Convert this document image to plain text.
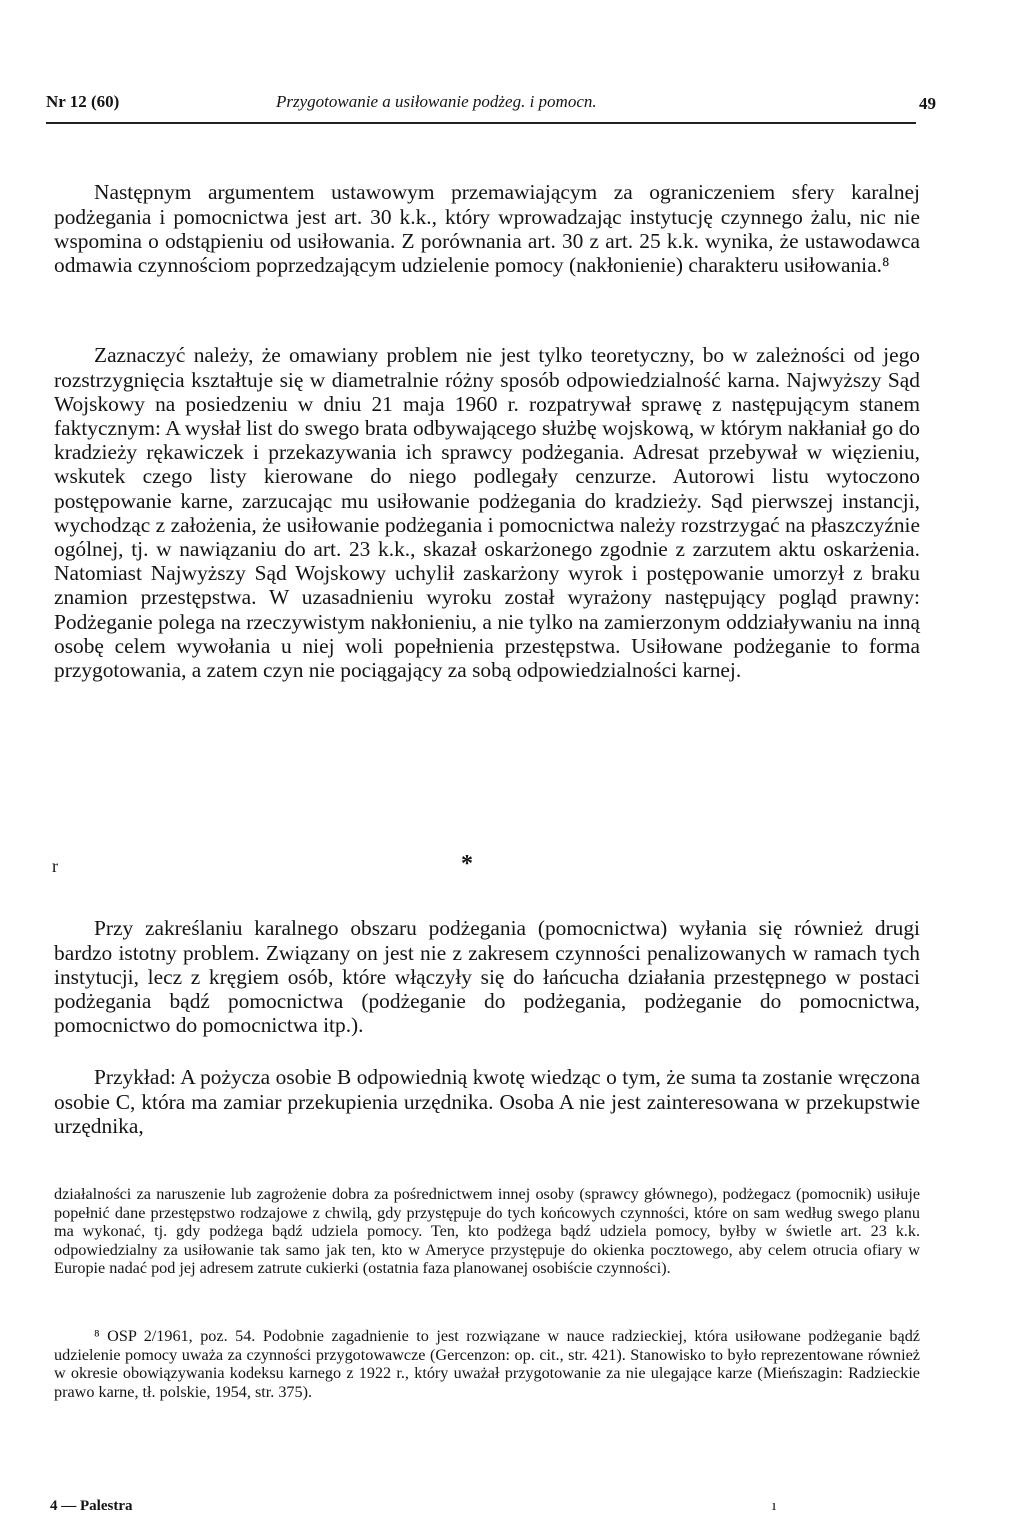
Nr 12 (60)	Przygotowanie a usiłowanie podżeg. i pomocn.	49

Następnym argumentem ustawowym przemawiającym za ograniczeniem sfery karalnej podżegania i pomocnictwa jest art. 30 k.k., który wprowadzając instytucję czynnego żalu, nic nie wspomina o odstąpieniu od usiłowania. Z porównania art. 30 z art. 25 k.k. wynika, że ustawodawca odmawia czynnościom poprzedzającym udzielenie pomocy (nakłonienie) charakteru usiłowania.⁸

Zaznaczyć należy, że omawiany problem nie jest tylko teoretyczny, bo w zależności od jego rozstrzygnięcia kształtuje się w diametralnie różny sposób odpowiedzialność karna. Najwyższy Sąd Wojskowy na posiedzeniu w dniu 21 maja 1960 r. rozpatrywał sprawę z następującym stanem faktycznym: A wysłał list do swego brata odbywającego służbę wojskową, w którym nakłaniał go do kradzieży rękawiczek i przekazywania ich sprawcy podżegania. Adresat przebywał w więzieniu, wskutek czego listy kierowane do niego podlegały cenzurze. Autorowi listu wytoczono postępowanie karne, zarzucając mu usiłowanie podżegania do kradzieży. Sąd pierwszej instancji, wychodząc z założenia, że usiłowanie podżegania i pomocnictwa należy rozstrzygać na płaszczyźnie ogólnej, tj. w nawiązaniu do art. 23 k.k., skazał oskarżonego zgodnie z zarzutem aktu oskarżenia. Natomiast Najwyższy Sąd Wojskowy uchylił zaskarżony wyrok i postępowanie umorzył z braku znamion przestępstwa. W uzasadnieniu wyroku został wyrażony następujący pogląd prawny: Podżeganie polega na rzeczywistym nakłonieniu, a nie tylko na zamierzonym oddziaływaniu na inną osobę celem wywołania u niej woli popełnienia przestępstwa. Usiłowane podżeganie to forma przygotowania, a zatem czyn nie pociągający za sobą odpowiedzialności karnej.

r	*

Przy zakreślaniu karalnego obszaru podżegania (pomocnictwa) wyłania się również drugi bardzo istotny problem. Związany on jest nie z zakresem czynności penalizowanych w ramach tych instytucji, lecz z kręgiem osób, które włączyły się do łańcucha działania przestępnego w postaci podżegania bądź pomocnictwa (podżeganie do podżegania, podżeganie do pomocnictwa, pomocnictwo do pomocnictwa itp.).

Przykład: A pożycza osobie B odpowiednią kwotę wiedząc o tym, że suma ta zostanie wręczona osobie C, która ma zamiar przekupienia urzędnika. Osoba A nie jest zainteresowana w przekupstwie urzędnika,

działalności za naruszenie lub zagrożenie dobra za pośrednictwem innej osoby (sprawcy głównego), podżegacz (pomocnik) usiłuje popełnić dane przestępstwo rodzajowe z chwilą, gdy przystępuje do tych końcowych czynności, które on sam według swego planu ma wykonać, tj. gdy podżega bądź udziela pomocy. Ten, kto podżega bądź udziela pomocy, byłby w świetle art. 23 k.k. odpowiedzialny za usiłowanie tak samo jak ten, kto w Ameryce przystępuje do okienka pocztowego, aby celem otrucia ofiary w Europie nadać pod jej adresem zatrute cukierki (ostatnia faza planowanej osobiście czynności).

⁸ OSP 2/1961, poz. 54. Podobnie zagadnienie to jest rozwiązane w nauce radzieckiej, która usiłowane podżeganie bądź udzielenie pomocy uważa za czynności przygotowawcze (Gercenzon: op. cit., str. 421). Stanowisko to było reprezentowane również w okresie obowiązywania kodeksu karnego z 1922 r., który uważał przygotowanie za nie ulegające karze (Mieńszagin: Radzieckie prawo karne, tł. polskie, 1954, str. 375).

4 — Palestra	ı
